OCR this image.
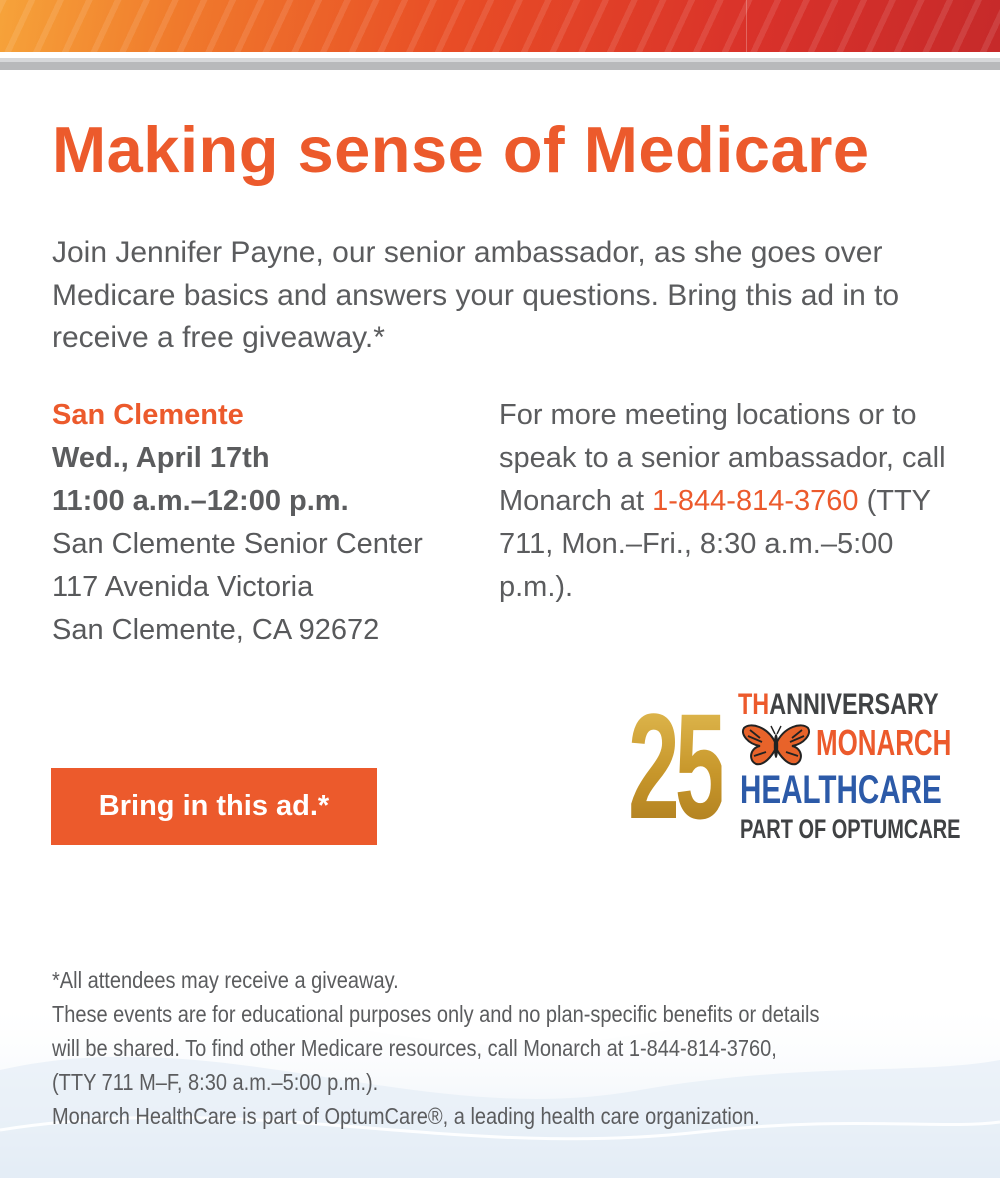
Making sense of Medicare

Join Jennifer Payne, our senior ambassador, as she goes over Medicare basics and answers your questions. Bring this ad in to receive a free giveaway.*

San Clemente
Wed., April 17th
11:00 a.m.–12:00 p.m.
San Clemente Senior Center
117 Avenida Victoria
San Clemente, CA 92672

For more meeting locations or to speak to a senior ambassador, call Monarch at 1-844-814-3760 (TTY 711, Mon.–Fri., 8:30 a.m.–5:00 p.m.).

Bring in this ad.*	25 THANNIVERSARY
MONARCH
HEALTHCARE
PART OF OPTUMCARE

*All attendees may receive a giveaway.

These events are for educational purposes only and no plan-specific benefits or details

will be shared. To find other Medicare resources, call Monarch at 1-844-814-3760,

(TTY 711 M–F, 8:30 a.m.–5:00 p.m.).

Monarch HealthCare is part of OptumCare®, a leading health care organization.
